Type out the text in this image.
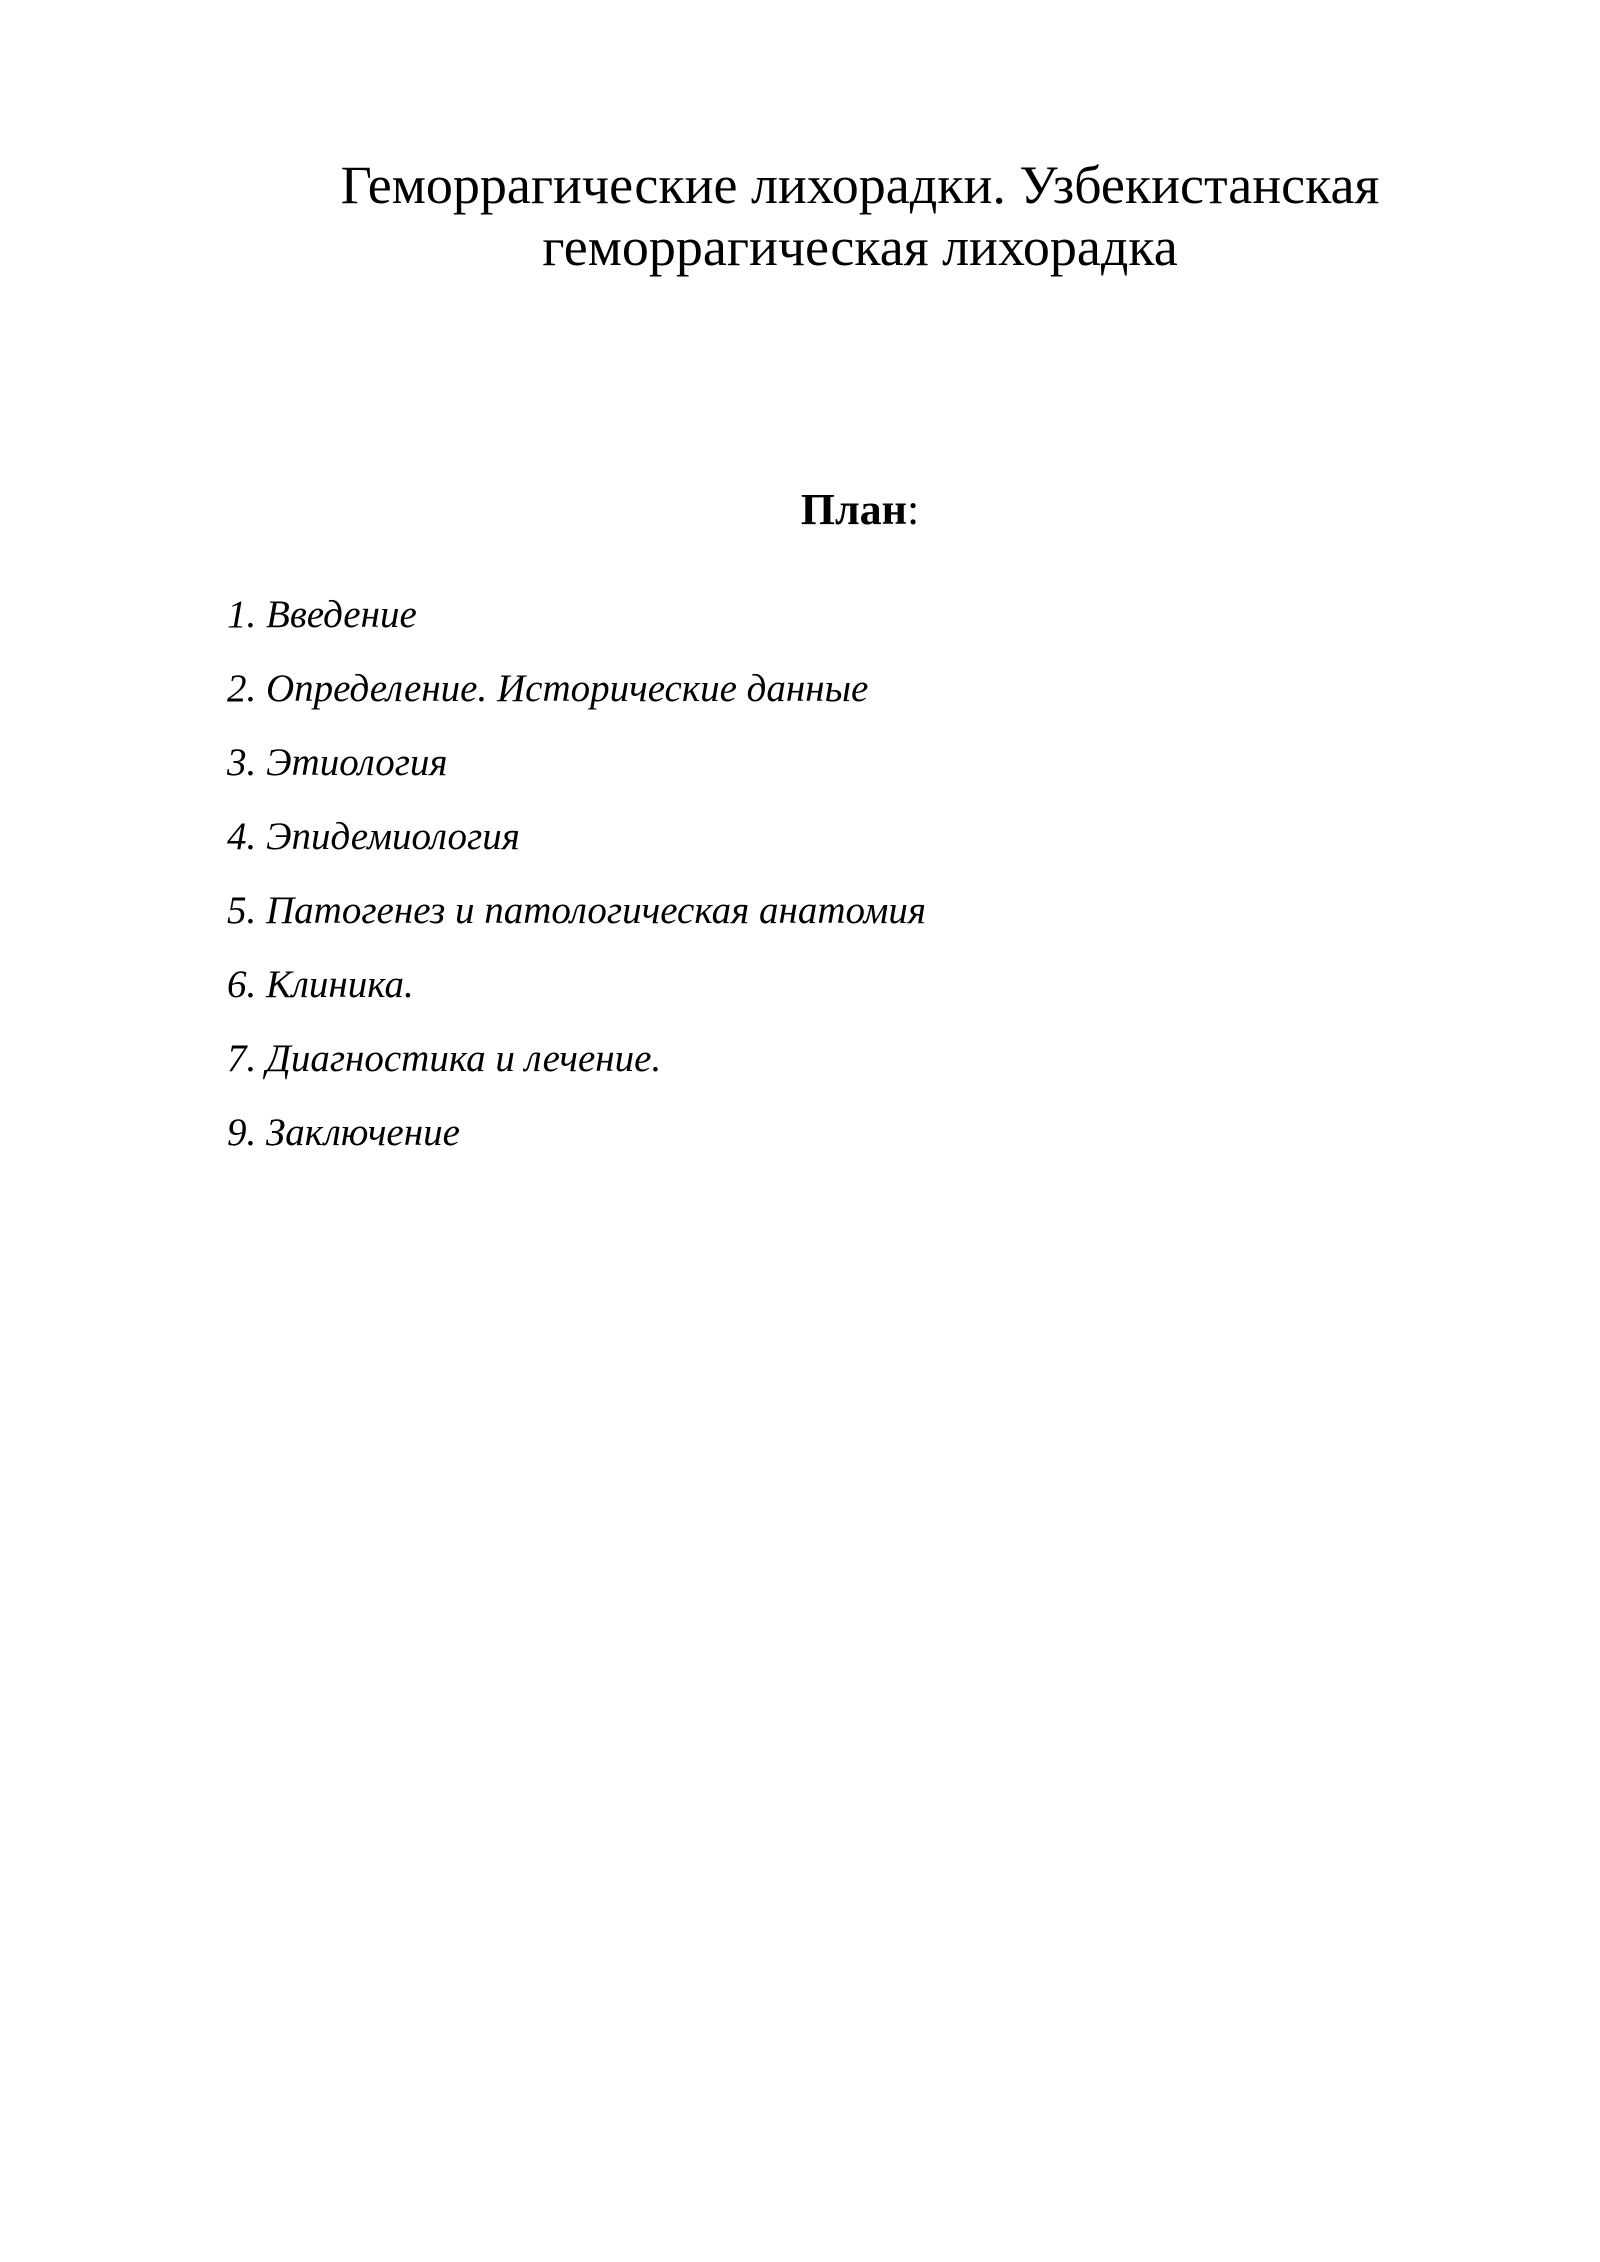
Геморрагические лихорадки. Узбекистанская
геморрагическая лихорадка
План:
1. Введение
2. Определение. Исторические данные
3. Этиология
4. Эпидемиология
5. Патогенез и патологическая анатомия
6. Клиника.
7. Диагностика и лечение.
9. Заключение
